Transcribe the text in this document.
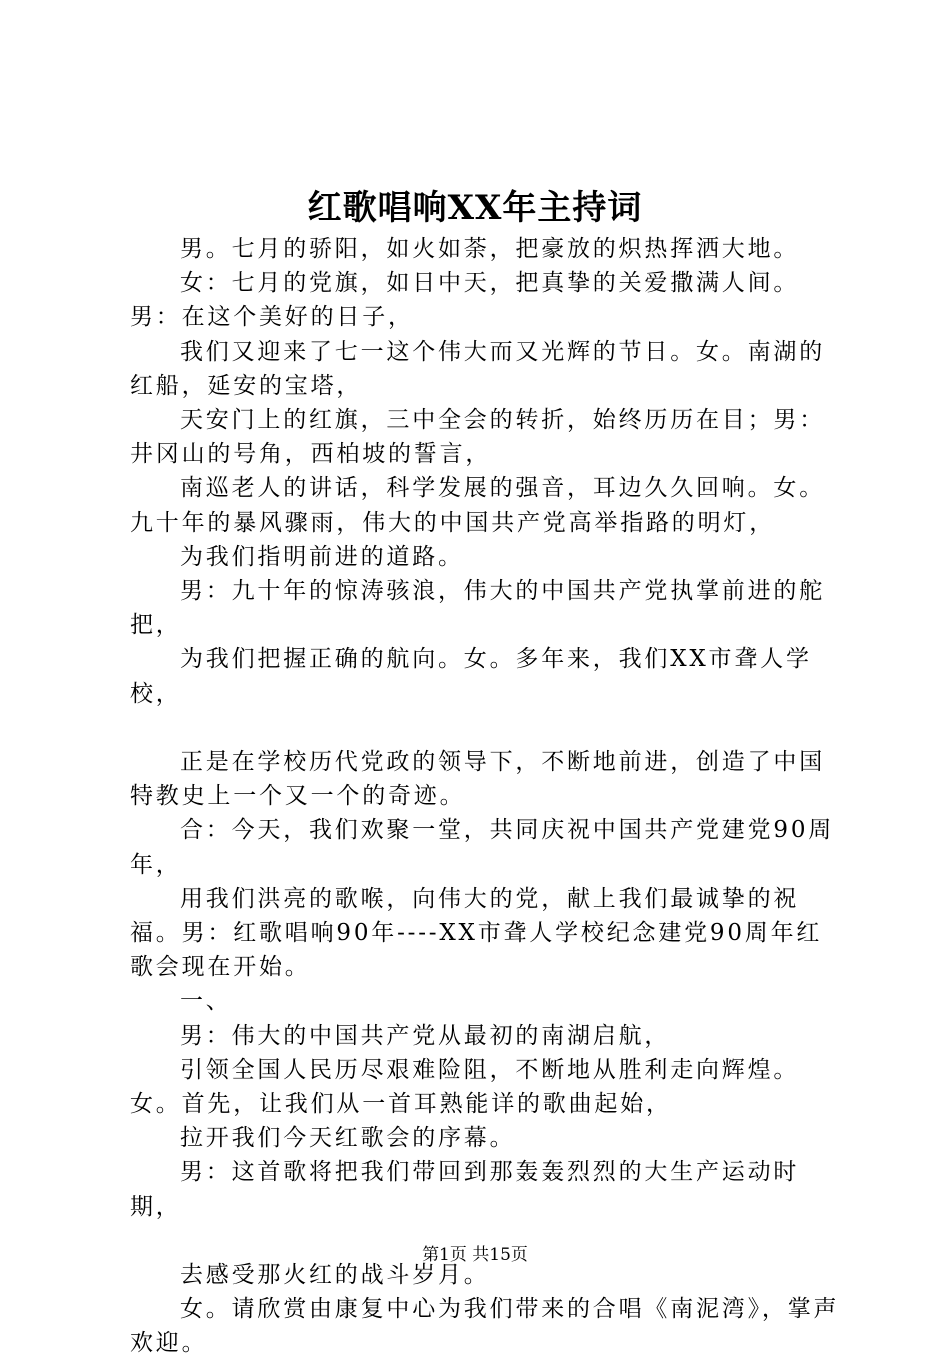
红歌唱响XX年主持词

男。七月的骄阳，如火如荼，把豪放的炽热挥洒大地。

女：七月的党旗，如日中天，把真挚的关爱撒满人间。男：在这个美好的日子，

我们又迎来了七一这个伟大而又光辉的节日。女。南湖的红船，延安的宝塔，

天安门上的红旗，三中全会的转折，始终历历在目；男：井冈山的号角，西柏坡的誓言，

南巡老人的讲话，科学发展的强音，耳边久久回响。女。九十年的暴风骤雨，伟大的中国共产党高举指路的明灯，

为我们指明前进的道路。

男：九十年的惊涛骇浪，伟大的中国共产党执掌前进的舵把，

为我们把握正确的航向。女。多年来，我们XX市聋人学校，

正是在学校历代党政的领导下，不断地前进，创造了中国特教史上一个又一个的奇迹。

合：今天，我们欢聚一堂，共同庆祝中国共产党建党90周年，

用我们洪亮的歌喉，向伟大的党，献上我们最诚挚的祝福。男：红歌唱响90年----XX市聋人学校纪念建党90周年红歌会现在开始。

一、

男：伟大的中国共产党从最初的南湖启航，

引领全国人民历尽艰难险阻，不断地从胜利走向辉煌。女。首先，让我们从一首耳熟能详的歌曲起始，

拉开我们今天红歌会的序幕。

男：这首歌将把我们带回到那轰轰烈烈的大生产运动时期，

去感受那火红的战斗岁月。

女。请欣赏由康复中心为我们带来的合唱《南泥湾》，掌声欢迎。

第1页 共15页
